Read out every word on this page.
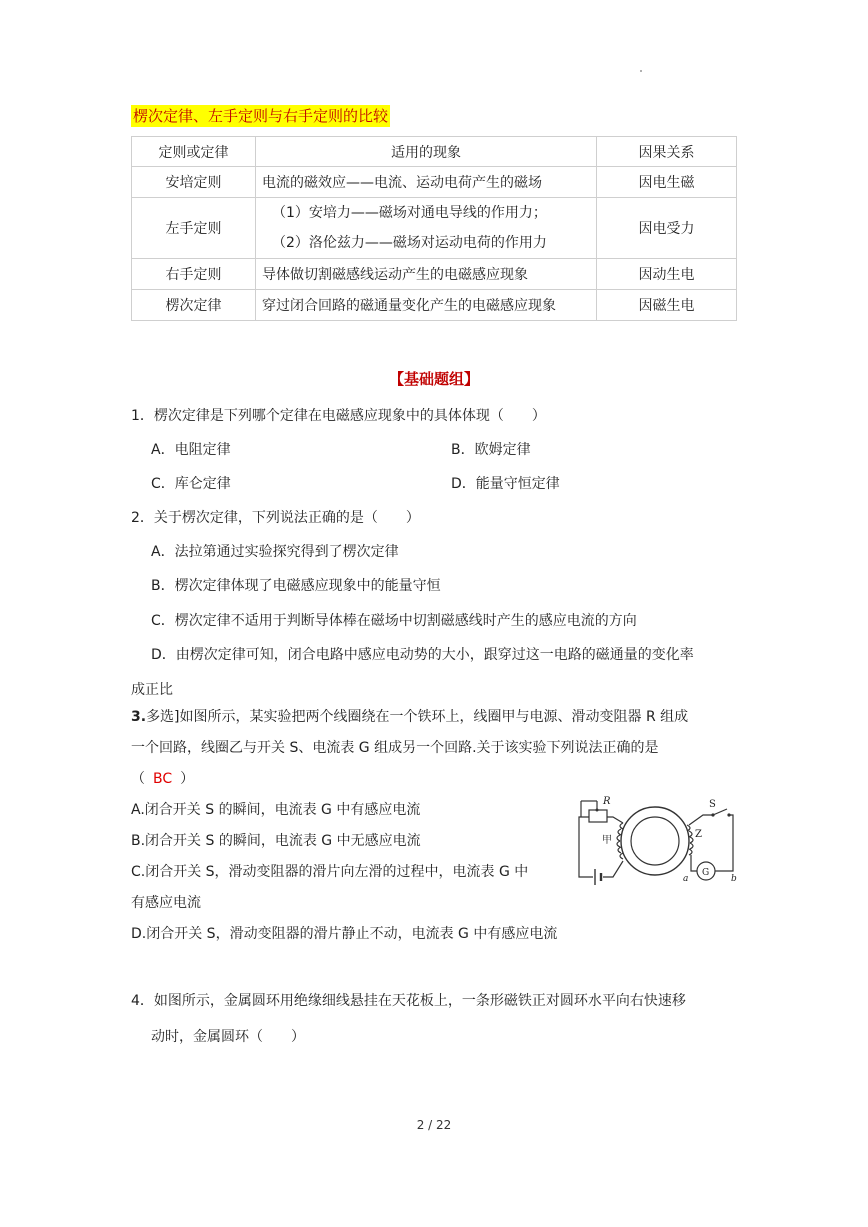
楞次定律、左手定则与右手定则的比较
定则或定律	适用的现象	因果关系
安培定则	电流的磁效应——电流、运动电荷产生的磁场	因电生磁
左手定则	（1）安培力——磁场对通电导线的作用力；
（2）洛伦兹力——磁场对运动电荷的作用力	因电受力
右手定则	导体做切割磁感线运动产生的电磁感应现象	因动生电
楞次定律	穿过闭合回路的磁通量变化产生的电磁感应现象	因磁生电
【基础题组】
1．楞次定律是下列哪个定律在电磁感应现象中的具体体现（　　）
A．电阻定律	B．欧姆定律
C．库仑定律	D．能量守恒定律
2．关于楞次定律，下列说法正确的是（　　）
A．法拉第通过实验探究得到了楞次定律
B．楞次定律体现了电磁感应现象中的能量守恒
C．楞次定律不适用于判断导体棒在磁场中切割磁感线时产生的感应电流的方向
D．由楞次定律可知，闭合电路中感应电动势的大小，跟穿过这一电路的磁通量的变化率
成正比
3.多选]如图所示，某实验把两个线圈绕在一个铁环上，线圈甲与电源、滑动变阻器 R 组成
一个回路，线圈乙与开关 S、电流表 G 组成另一个回路.关于该实验下列说法正确的是
（ BC ）
A.闭合开关 S 的瞬间，电流表 G 中有感应电流
B.闭合开关 S 的瞬间，电流表 G 中无感应电流
C.闭合开关 S，滑动变阻器的滑片向左滑的过程中，电流表 G 中
有感应电流
D.闭合开关 S，滑动变阻器的滑片静止不动，电流表 G 中有感应电流
R	S
甲
Z
G
a	b
4．如图所示，金属圆环用绝缘细线悬挂在天花板上，一条形磁铁正对圆环水平向右快速移
动时，金属圆环（　　）
2 / 22
